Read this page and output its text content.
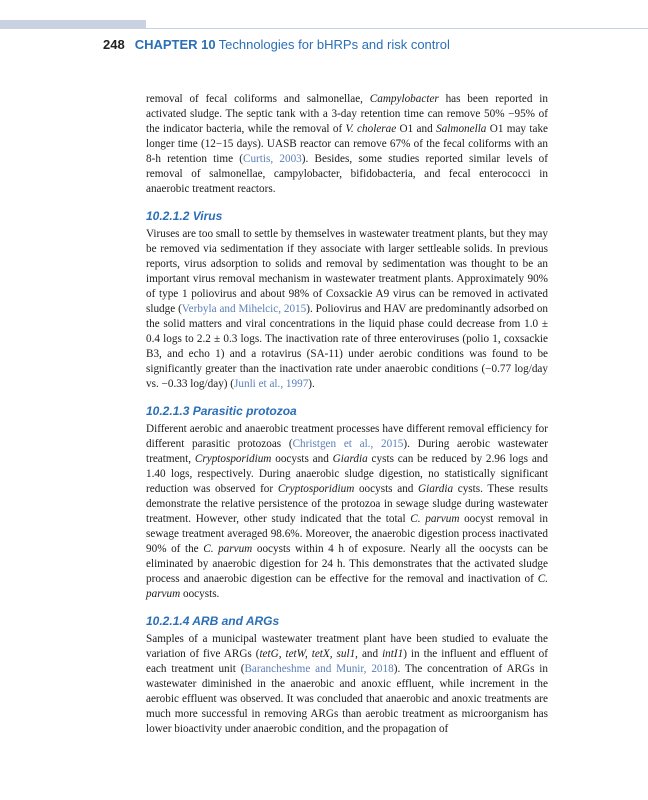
248 CHAPTER 10 Technologies for bHRPs and risk control

removal of fecal coliforms and salmonellae, Campylobacter has been reported in activated sludge. The septic tank with a 3-day retention time can remove 50% −95% of the indicator bacteria, while the removal of V. cholerae O1 and Salmonella O1 may take longer time (12−15 days). UASB reactor can remove 67% of the fecal coliforms with an 8-h retention time (Curtis, 2003). Besides, some studies reported similar levels of removal of salmonellae, campylobacter, bifidobacteria, and fecal enterococci in anaerobic treatment reactors.

10.2.1.2 Virus

Viruses are too small to settle by themselves in wastewater treatment plants, but they may be removed via sedimentation if they associate with larger settleable solids. In previous reports, virus adsorption to solids and removal by sedimentation was thought to be an important virus removal mechanism in wastewater treatment plants. Approximately 90% of type 1 poliovirus and about 98% of Coxsackie A9 virus can be removed in activated sludge (Verbyla and Mihelcic, 2015). Poliovirus and HAV are predominantly adsorbed on the solid matters and viral concentrations in the liquid phase could decrease from 1.0 ± 0.4 logs to 2.2 ± 0.3 logs. The inactivation rate of three enteroviruses (polio 1, coxsackie B3, and echo 1) and a rotavirus (SA-11) under aerobic conditions was found to be significantly greater than the inactivation rate under anaerobic conditions (−0.77 log/day vs. −0.33 log/day) (Junli et al., 1997).

10.2.1.3 Parasitic protozoa

Different aerobic and anaerobic treatment processes have different removal efficiency for different parasitic protozoas (Christgen et al., 2015). During aerobic wastewater treatment, Cryptosporidium oocysts and Giardia cysts can be reduced by 2.96 logs and 1.40 logs, respectively. During anaerobic sludge digestion, no statistically significant reduction was observed for Cryptosporidium oocysts and Giardia cysts. These results demonstrate the relative persistence of the protozoa in sewage sludge during wastewater treatment. However, other study indicated that the total C. parvum oocyst removal in sewage treatment averaged 98.6%. Moreover, the anaerobic digestion process inactivated 90% of the C. parvum oocysts within 4 h of exposure. Nearly all the oocysts can be eliminated by anaerobic digestion for 24 h. This demonstrates that the activated sludge process and anaerobic digestion can be effective for the removal and inactivation of C. parvum oocysts.

10.2.1.4 ARB and ARGs

Samples of a municipal wastewater treatment plant have been studied to evaluate the variation of five ARGs (tetG, tetW, tetX, sul1, and intI1) in the influent and effluent of each treatment unit (Barancheshme and Munir, 2018). The concentration of ARGs in wastewater diminished in the anaerobic and anoxic effluent, while increment in the aerobic effluent was observed. It was concluded that anaerobic and anoxic treatments are much more successful in removing ARGs than aerobic treatment as microorganism has lower bioactivity under anaerobic condition, and the propagation of
